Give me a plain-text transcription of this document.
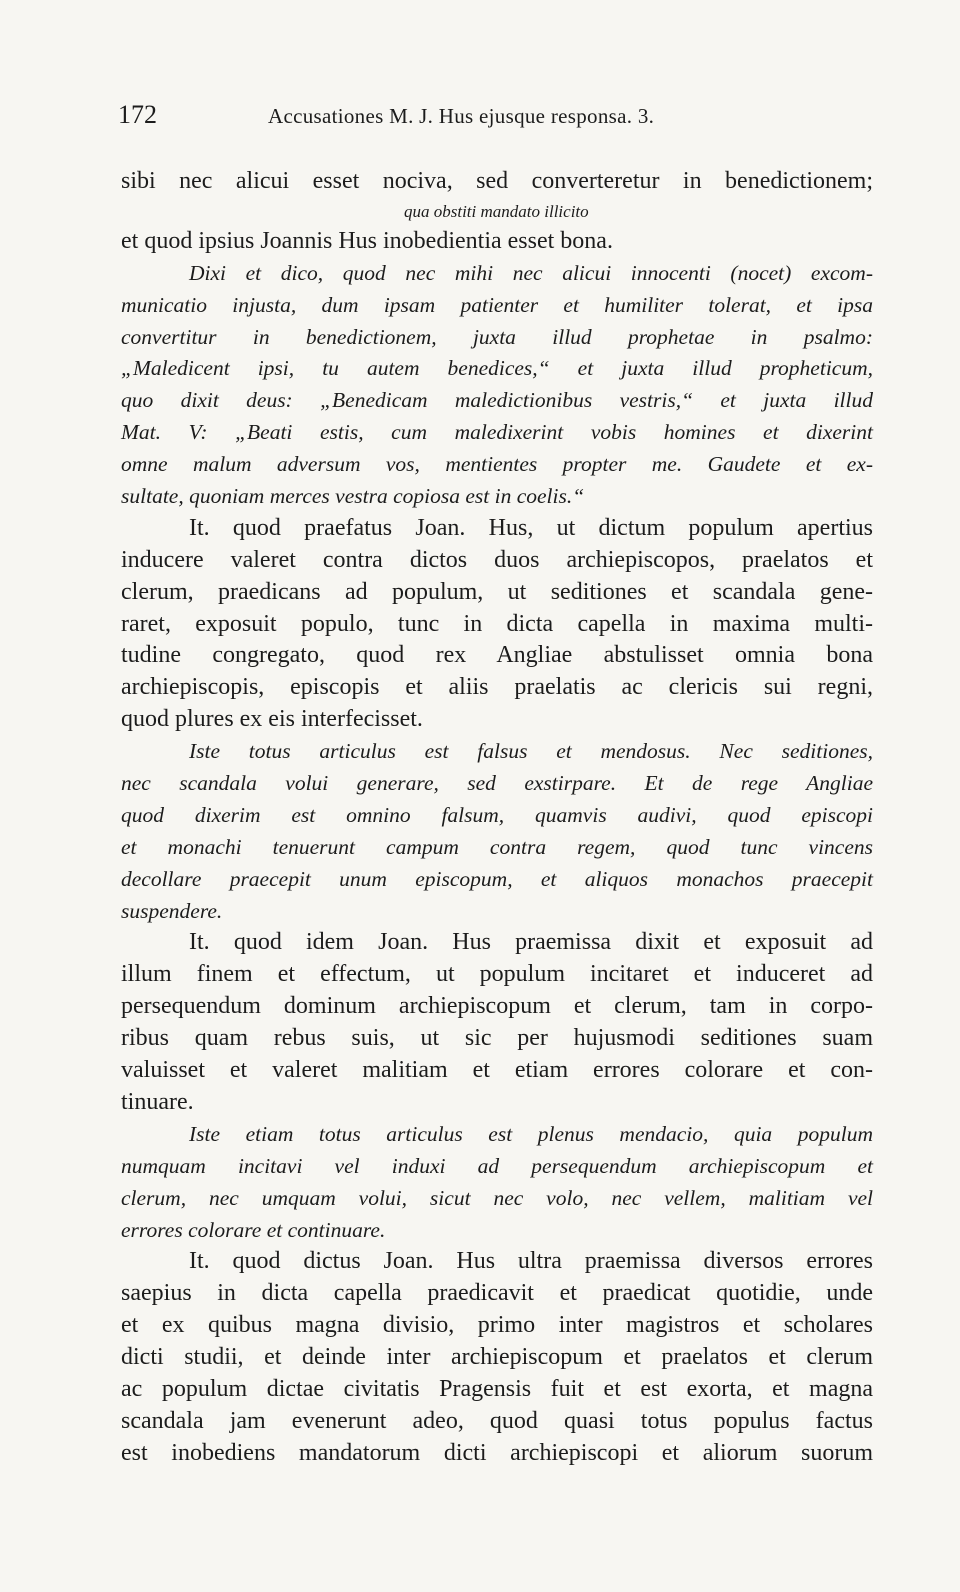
172	Accusationes M. J. Hus ejusque responsa. 3.
sibi nec alicui esset nociva, sed converteretur in benedictionem;
qua obstiti mandato illicito
et quod ipsius Joannis Hus inobedientia esset bona.
Dixi et dico, quod nec mihi nec alicui innocenti (nocet) excom-
municatio injusta, dum ipsam patienter et humiliter tolerat, et ipsa
convertitur in benedictionem, juxta illud prophetae in psalmo:
„Maledicent ipsi, tu autem benedices,“ et juxta illud propheticum,
quo dixit deus: „Benedicam maledictionibus vestris,“ et juxta illud
Mat. V: „Beati estis, cum maledixerint vobis homines et dixerint
omne malum adversum vos, mentientes propter me. Gaudete et ex-
sultate, quoniam merces vestra copiosa est in coelis.“
It. quod praefatus Joan. Hus, ut dictum populum apertius
inducere valeret contra dictos duos archiepiscopos, praelatos et
clerum, praedicans ad populum, ut seditiones et scandala gene-
raret, exposuit populo, tunc in dicta capella in maxima multi-
tudine congregato, quod rex Angliae abstulisset omnia bona
archiepiscopis, episcopis et aliis praelatis ac clericis sui regni,
quod plures ex eis interfecisset.
Iste totus articulus est falsus et mendosus. Nec seditiones,
nec scandala volui generare, sed exstirpare. Et de rege Angliae
quod dixerim est omnino falsum, quamvis audivi, quod episcopi
et monachi tenuerunt campum contra regem, quod tunc vincens
decollare praecepit unum episcopum, et aliquos monachos praecepit
suspendere.
It. quod idem Joan. Hus praemissa dixit et exposuit ad
illum finem et effectum, ut populum incitaret et induceret ad
persequendum dominum archiepiscopum et clerum, tam in corpo-
ribus quam rebus suis, ut sic per hujusmodi seditiones suam
valuisset et valeret malitiam et etiam errores colorare et con-
tinuare.
Iste etiam totus articulus est plenus mendacio, quia populum
numquam incitavi vel induxi ad persequendum archiepiscopum et
clerum, nec umquam volui, sicut nec volo, nec vellem, malitiam vel
errores colorare et continuare.
It. quod dictus Joan. Hus ultra praemissa diversos errores
saepius in dicta capella praedicavit et praedicat quotidie, unde
et ex quibus magna divisio, primo inter magistros et scholares
dicti studii, et deinde inter archiepiscopum et praelatos et clerum
ac populum dictae civitatis Pragensis fuit et est exorta, et magna
scandala jam evenerunt adeo, quod quasi totus populus factus
est inobediens mandatorum dicti archiepiscopi et aliorum suorum
